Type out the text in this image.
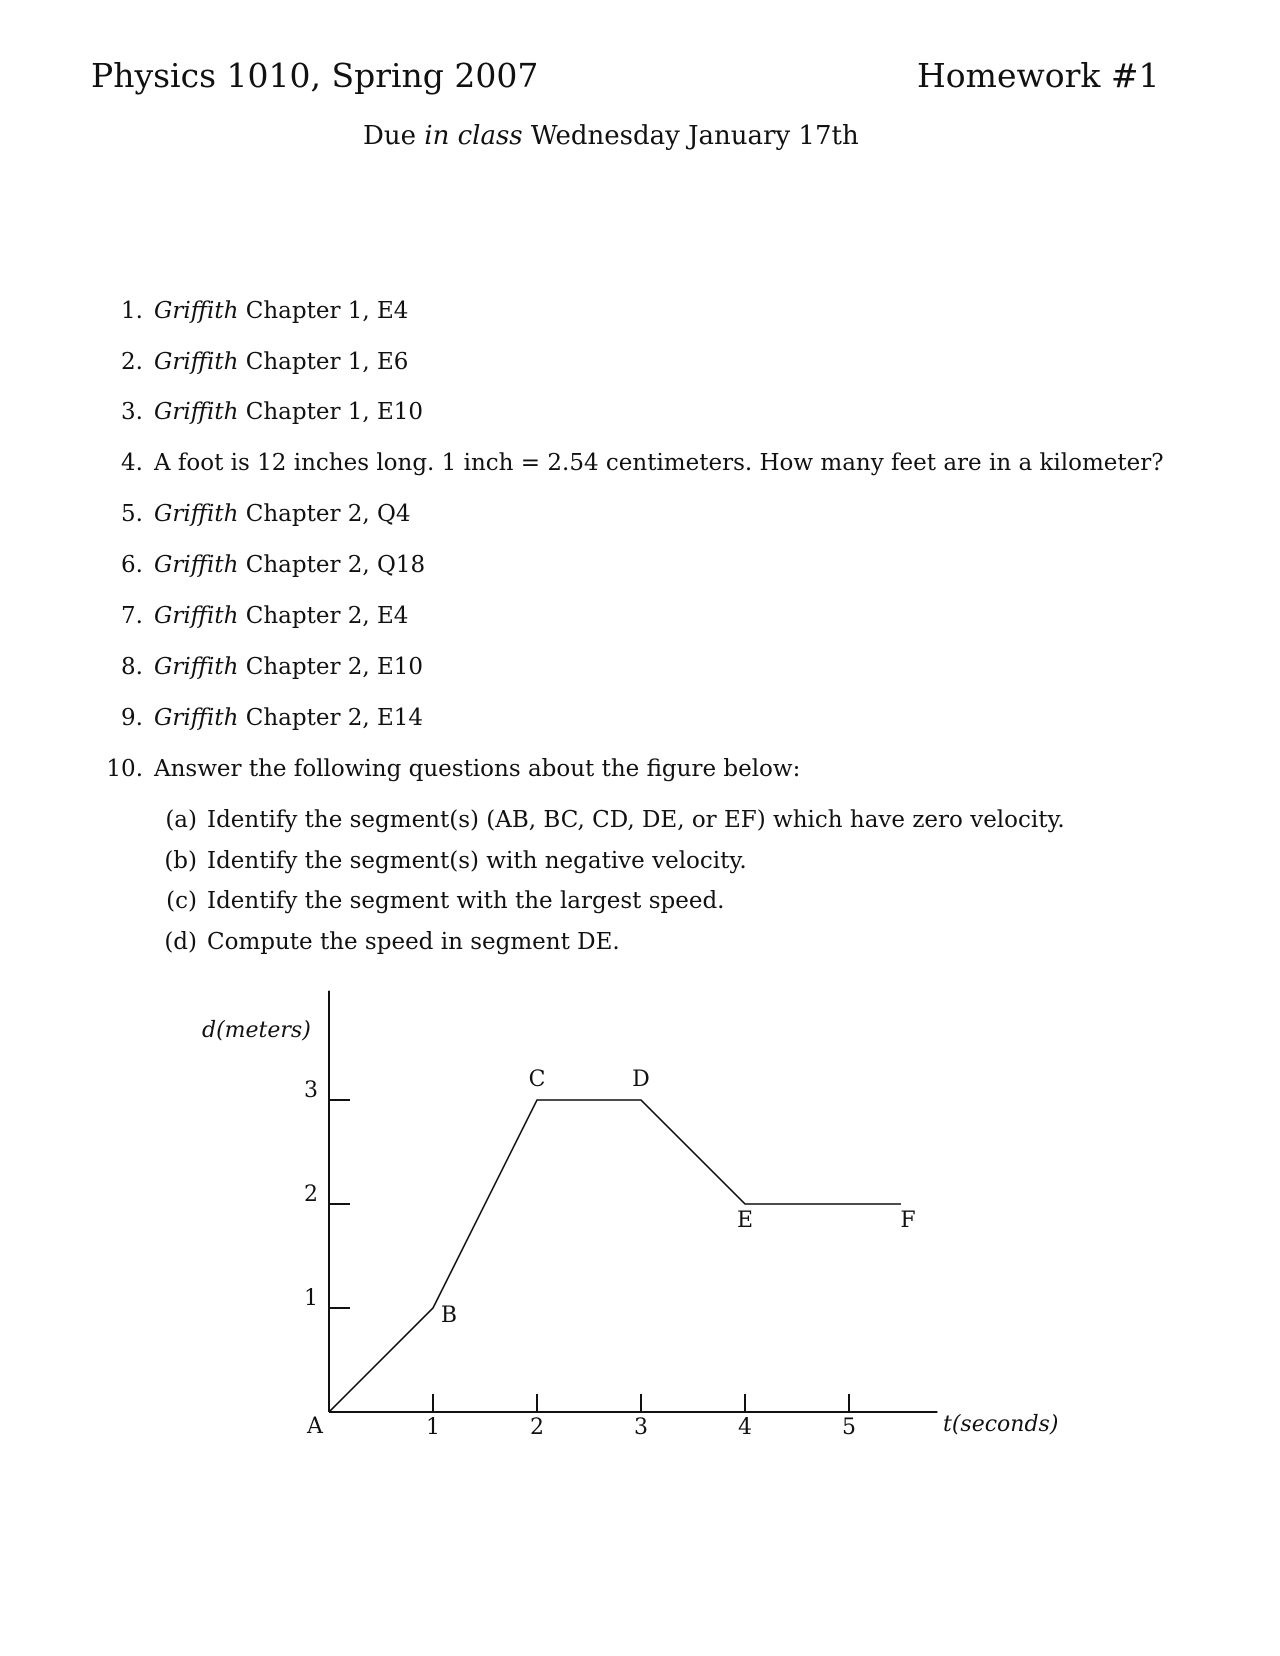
Physics 1010, Spring 2007	Homework #1
Due in class Wednesday January 17th
1. Griffith Chapter 1, E4
2. Griffith Chapter 1, E6
3. Griffith Chapter 1, E10
4. A foot is 12 inches long. 1 inch = 2.54 centimeters. How many feet are in a kilometer?
5. Griffith Chapter 2, Q4
6. Griffith Chapter 2, Q18
7. Griffith Chapter 2, E4
8. Griffith Chapter 2, E10
9. Griffith Chapter 2, E14
10. Answer the following questions about the figure below:
(a) Identify the segment(s) (AB, BC, CD, DE, or EF) which have zero velocity.
(b) Identify the segment(s) with negative velocity.
(c) Identify the segment with the largest speed.
(d) Compute the speed in segment DE.
d(meters)
t(seconds)
A	1	2	3	4	5
1
2
3
B
C	D
E	F
